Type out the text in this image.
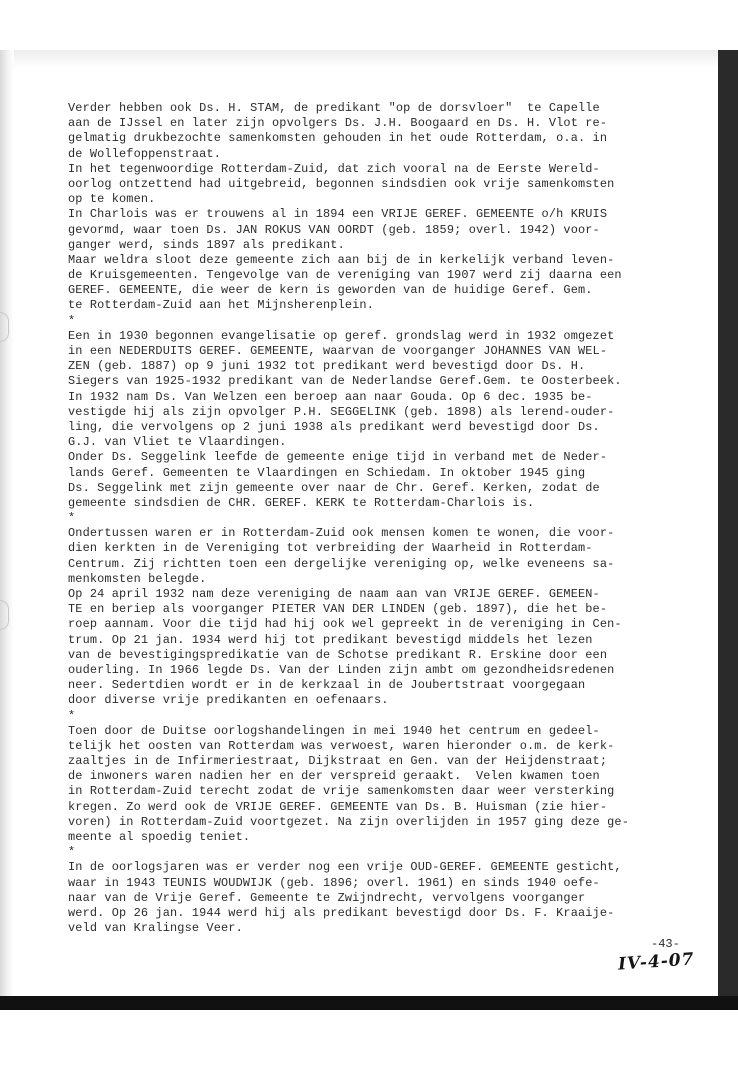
Verder hebben ook Ds. H. STAM, de predikant "op de dorsvloer"  te Capelle
aan de IJssel en later zijn opvolgers Ds. J.H. Boogaard en Ds. H. Vlot re-
gelmatig drukbezochte samenkomsten gehouden in het oude Rotterdam, o.a. in
de Wollefoppenstraat.
In het tegenwoordige Rotterdam-Zuid, dat zich vooral na de Eerste Wereld-
oorlog ontzettend had uitgebreid, begonnen sindsdien ook vrije samenkomsten
op te komen.
In Charlois was er trouwens al in 1894 een VRIJE GEREF. GEMEENTE o/h KRUIS
gevormd, waar toen Ds. JAN ROKUS VAN OORDT (geb. 1859; overl. 1942) voor-
ganger werd, sinds 1897 als predikant.
Maar weldra sloot deze gemeente zich aan bij de in kerkelijk verband leven-
de Kruisgemeenten. Tengevolge van de vereniging van 1907 werd zij daarna een
GEREF. GEMEENTE, die weer de kern is geworden van de huidige Geref. Gem.
te Rotterdam-Zuid aan het Mijnsherenplein.
*
Een in 1930 begonnen evangelisatie op geref. grondslag werd in 1932 omgezet
in een NEDERDUITS GEREF. GEMEENTE, waarvan de voorganger JOHANNES VAN WEL-
ZEN (geb. 1887) op 9 juni 1932 tot predikant werd bevestigd door Ds. H.
Siegers van 1925-1932 predikant van de Nederlandse Geref.Gem. te Oosterbeek.
In 1932 nam Ds. Van Welzen een beroep aan naar Gouda. Op 6 dec. 1935 be-
vestigde hij als zijn opvolger P.H. SEGGELINK (geb. 1898) als lerend-ouder-
ling, die vervolgens op 2 juni 1938 als predikant werd bevestigd door Ds.
G.J. van Vliet te Vlaardingen.
Onder Ds. Seggelink leefde de gemeente enige tijd in verband met de Neder-
lands Geref. Gemeenten te Vlaardingen en Schiedam. In oktober 1945 ging
Ds. Seggelink met zijn gemeente over naar de Chr. Geref. Kerken, zodat de
gemeente sindsdien de CHR. GEREF. KERK te Rotterdam-Charlois is.
*
Ondertussen waren er in Rotterdam-Zuid ook mensen komen te wonen, die voor-
dien kerkten in de Vereniging tot verbreiding der Waarheid in Rotterdam-
Centrum. Zij richtten toen een dergelijke vereniging op, welke eveneens sa-
menkomsten belegde.
Op 24 april 1932 nam deze vereniging de naam aan van VRIJE GEREF. GEMEEN-
TE en beriep als voorganger PIETER VAN DER LINDEN (geb. 1897), die het be-
roep aannam. Voor die tijd had hij ook wel gepreekt in de vereniging in Cen-
trum. Op 21 jan. 1934 werd hij tot predikant bevestigd middels het lezen
van de bevestigingspredikatie van de Schotse predikant R. Erskine door een
ouderling. In 1966 legde Ds. Van der Linden zijn ambt om gezondheidsredenen
neer. Sedertdien wordt er in de kerkzaal in de Joubertstraat voorgegaan
door diverse vrije predikanten en oefenaars.
*
Toen door de Duitse oorlogshandelingen in mei 1940 het centrum en gedeel-
telijk het oosten van Rotterdam was verwoest, waren hieronder o.m. de kerk-
zaaltjes in de Infirmeriestraat, Dijkstraat en Gen. van der Heijdenstraat;
de inwoners waren nadien her en der verspreid geraakt.  Velen kwamen toen
in Rotterdam-Zuid terecht zodat de vrije samenkomsten daar weer versterking
kregen. Zo werd ook de VRIJE GEREF. GEMEENTE van Ds. B. Huisman (zie hier-
voren) in Rotterdam-Zuid voortgezet. Na zijn overlijden in 1957 ging deze ge-
meente al spoedig teniet.
*
In de oorlogsjaren was er verder nog een vrije OUD-GEREF. GEMEENTE gesticht,
waar in 1943 TEUNIS WOUDWIJK (geb. 1896; overl. 1961) en sinds 1940 oefe-
naar van de Vrije Geref. Gemeente te Zwijndrecht, vervolgens voorganger
werd. Op 26 jan. 1944 werd hij als predikant bevestigd door Ds. F. Kraaije-
veld van Kralingse Veer.
-43-
IV-4-07
